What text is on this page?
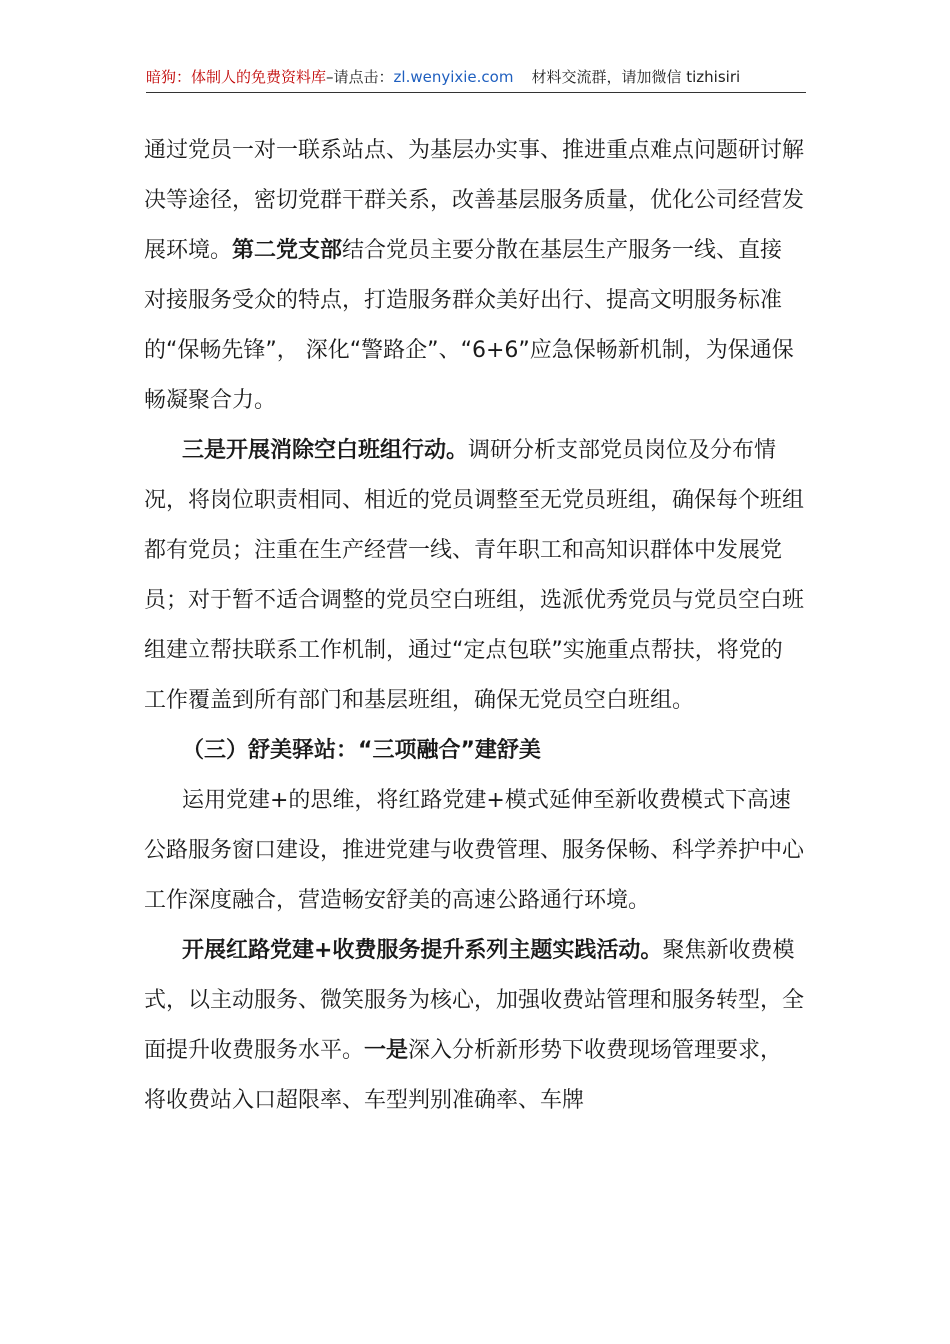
暗狗：体制人的免费资料库–请点击：zl.wenyixie.com 材料交流群，请加微信 tizhisiri

通过党员一对一联系站点、为基层办实事、推进重点难点问题研讨解决等途径，密切党群干群关系，改善基层服务质量，优化公司经营发展环境。第二党支部结合党员主要分散在基层生产服务一线、直接对接服务受众的特点，打造服务群众美好出行、提高文明服务标准的“保畅先锋”， 深化“警路企”、“6+6”应急保畅新机制，为保通保畅凝聚合力。

三是开展消除空白班组行动。调研分析支部党员岗位及分布情况，将岗位职责相同、相近的党员调整至无党员班组，确保每个班组都有党员；注重在生产经营一线、青年职工和高知识群体中发展党员；对于暂不适合调整的党员空白班组，选派优秀党员与党员空白班组建立帮扶联系工作机制，通过“定点包联”实施重点帮扶，将党的工作覆盖到所有部门和基层班组，确保无党员空白班组。

（三）舒美驿站：“三项融合”建舒美

运用党建+的思维，将红路党建+模式延伸至新收费模式下高速公路服务窗口建设，推进党建与收费管理、服务保畅、科学养护中心工作深度融合，营造畅安舒美的高速公路通行环境。

开展红路党建+收费服务提升系列主题实践活动。聚焦新收费模式，以主动服务、微笑服务为核心，加强收费站管理和服务转型，全面提升收费服务水平。一是深入分析新形势下收费现场管理要求，将收费站入口超限率、车型判别准确率、车牌
